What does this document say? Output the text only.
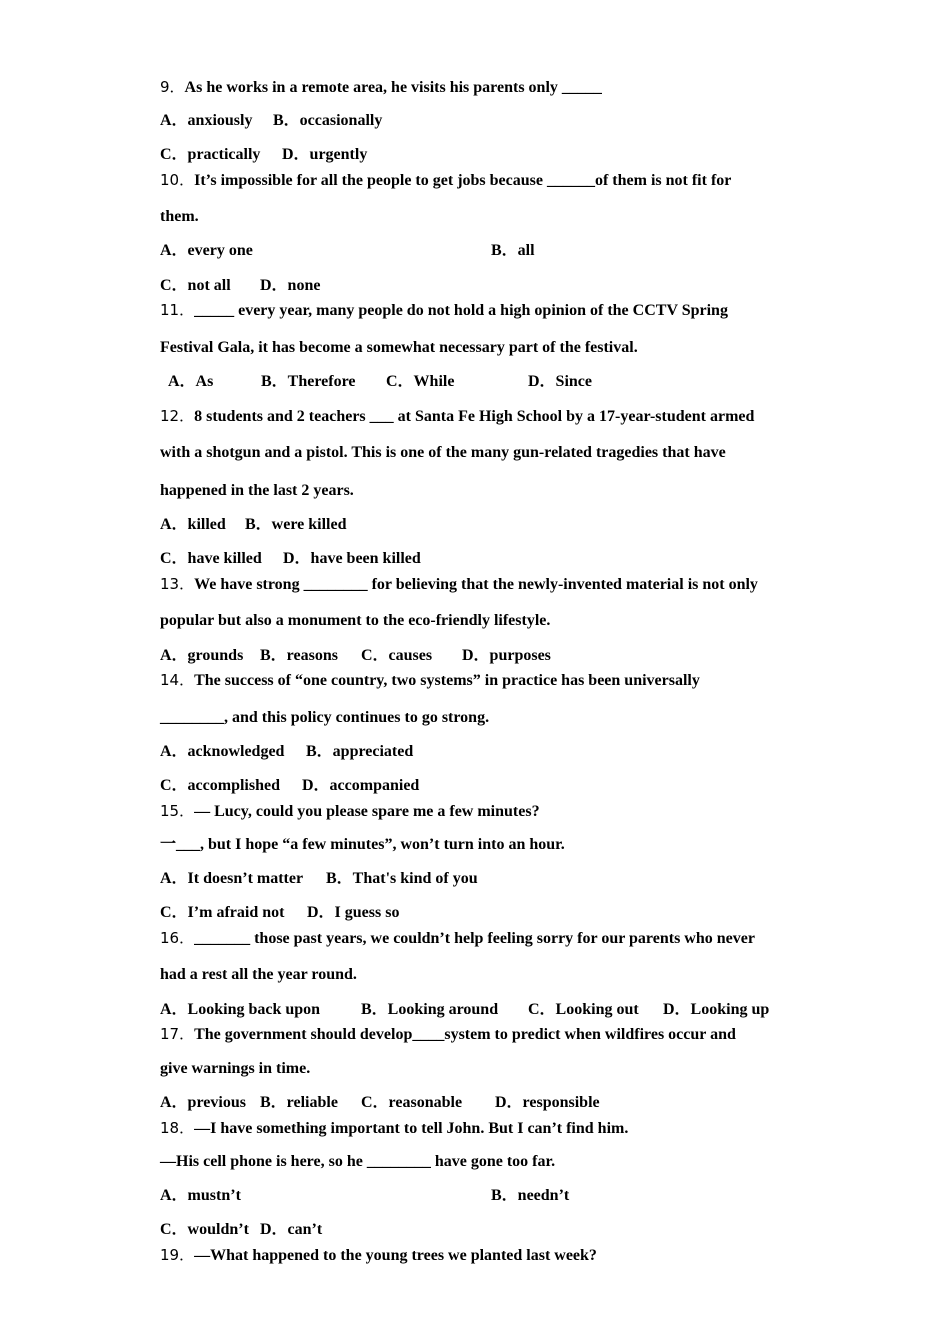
9．As he works in a remote area, he visits his parents only _____
A．anxiously B．occasionally
C．practically D．urgently
10．It’s impossible for all the people to get jobs because ______of them is not fit for
them.
A．every one	B．all
C．not all D．none
11．_____ every year, many people do not hold a high opinion of the CCTV Spring
Festival Gala, it has become a somewhat necessary part of the festival.
A．As	B．Therefore C．While	D．Since
12．8 students and 2 teachers ___ at Santa Fe High School by a 17-year-student armed
with a shotgun and a pistol. This is one of the many gun-related tragedies that have
happened in the last 2 years.
A．killed B．were killed
C．have killed D．have been killed
13．We have strong ________ for believing that the newly-invented material is not only
popular but also a monument to the eco-friendly lifestyle.
A．grounds B．reasons C．causes D．purposes
14．The success of “one country, two systems” in practice has been universally
________, and this policy continues to go strong.
A．acknowledged B．appreciated
C．accomplished D．accompanied
15．— Lucy, could you please spare me a few minutes?
一___, but I hope “a few minutes”, won’t turn into an hour.
A．It doesn’t matter B．That's kind of you
C．I’m afraid not D．I guess so
16．_______ those past years, we couldn’t help feeling sorry for our parents who never
had a rest all the year round.
A．Looking back upon	B．Looking around C．Looking out D．Looking up
17．The government should develop____system to predict when wildfires occur and
give warnings in time.
A．previous B．reliable C．reasonable D．responsible
18．—I have something important to tell John. But I can’t find him.
—His cell phone is here, so he ________ have gone too far.
A．mustn’t	B．needn’t
C．wouldn’t D．can’t
19．—What happened to the young trees we planted last week?
